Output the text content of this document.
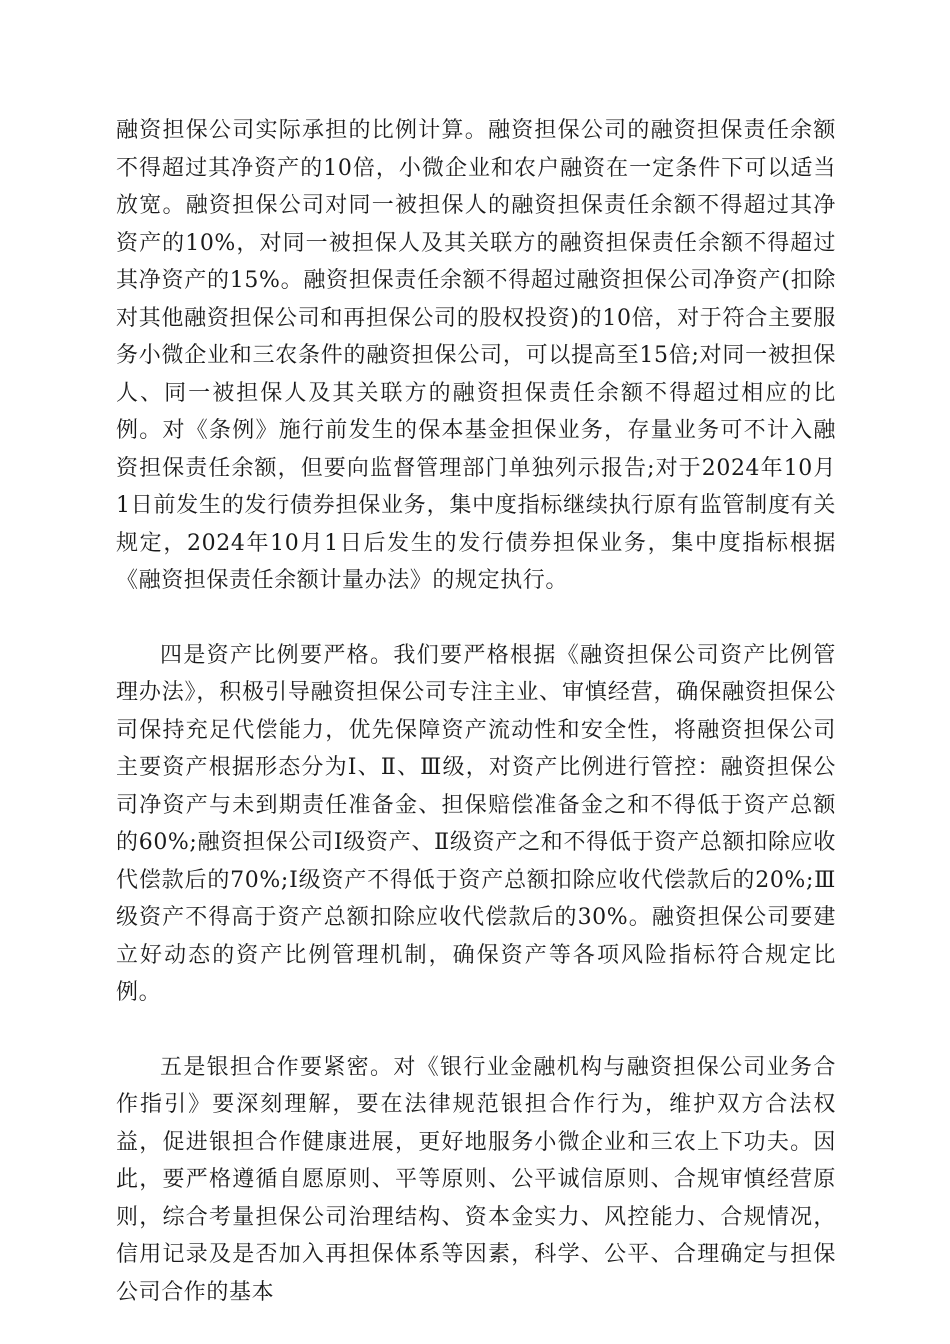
融资担保公司实际承担的比例计算。融资担保公司的融资担保责任余额不得超过其净资产的10倍，小微企业和农户融资在一定条件下可以适当放宽。融资担保公司对同一被担保人的融资担保责任余额不得超过其净资产的10%，对同一被担保人及其关联方的融资担保责任余额不得超过其净资产的15%。融资担保责任余额不得超过融资担保公司净资产(扣除对其他融资担保公司和再担保公司的股权投资)的10倍，对于符合主要服务小微企业和三农条件的融资担保公司，可以提高至15倍;对同一被担保人、同一被担保人及其关联方的融资担保责任余额不得超过相应的比例。对《条例》施行前发生的保本基金担保业务，存量业务可不计入融资担保责任余额，但要向监督管理部门单独列示报告;对于2024年10月1日前发生的发行债券担保业务，集中度指标继续执行原有监管制度有关规定，2024年10月1日后发生的发行债券担保业务，集中度指标根据《融资担保责任余额计量办法》的规定执行。

四是资产比例要严格。我们要严格根据《融资担保公司资产比例管理办法》，积极引导融资担保公司专注主业、审慎经营，确保融资担保公司保持充足代偿能力，优先保障资产流动性和安全性，将融资担保公司主要资产根据形态分为Ⅰ、Ⅱ、Ⅲ级，对资产比例进行管控：融资担保公司净资产与未到期责任准备金、担保赔偿准备金之和不得低于资产总额的60%;融资担保公司Ⅰ级资产、Ⅱ级资产之和不得低于资产总额扣除应收代偿款后的70%;Ⅰ级资产不得低于资产总额扣除应收代偿款后的20%;Ⅲ级资产不得高于资产总额扣除应收代偿款后的30%。融资担保公司要建立好动态的资产比例管理机制，确保资产等各项风险指标符合规定比例。

五是银担合作要紧密。对《银行业金融机构与融资担保公司业务合作指引》要深刻理解，要在法律规范银担合作行为，维护双方合法权益，促进银担合作健康进展，更好地服务小微企业和三农上下功夫。因此，要严格遵循自愿原则、平等原则、公平诚信原则、合规审慎经营原则，综合考量担保公司治理结构、资本金实力、风控能力、合规情况，信用记录及是否加入再担保体系等因素，科学、公平、合理确定与担保公司合作的基本
